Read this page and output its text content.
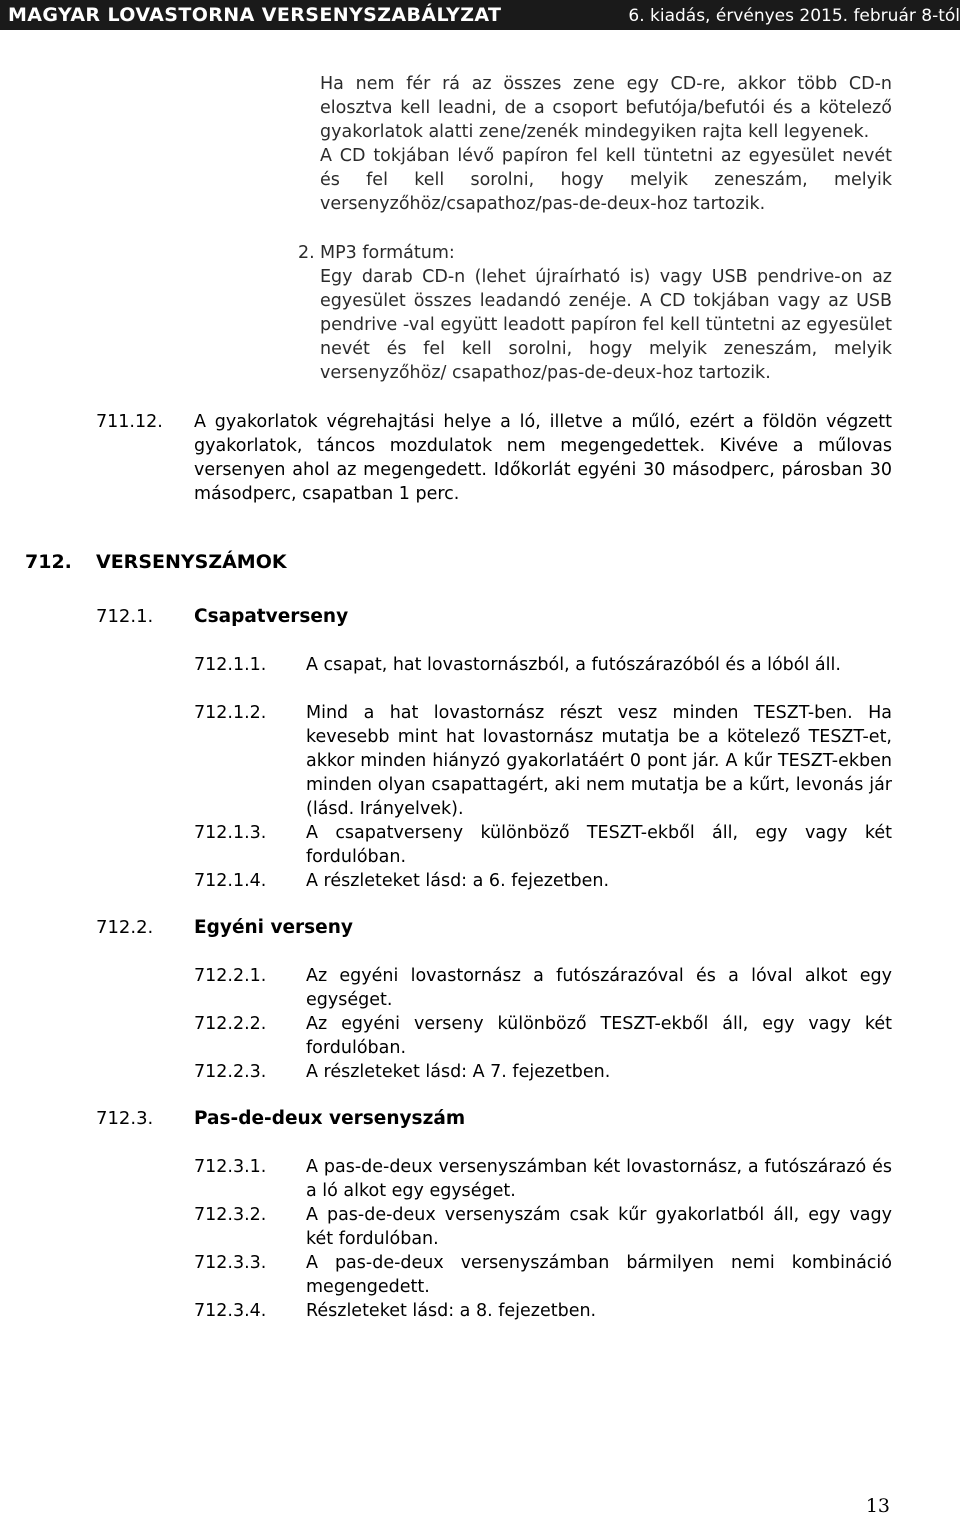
MAGYAR LOVASTORNA VERSENYSZABÁLYZAT	6. kiadás, érvényes 2015. február 8-tól

Ha nem fér rá az összes zene egy CD-re, akkor több CD-n elosztva kell leadni, de a csoport befutója/befutói és a kötelező gyakorlatok alatti zene/zenék mindegyiken rajta kell legyenek.

A CD tokjában lévő papíron fel kell tüntetni az egyesület nevét és fel kell sorolni, hogy melyik zeneszám, melyik versenyzőhöz/csapathoz/pas-de-deux-hoz tartozik.

2. MP3 formátum:
Egy darab CD-n (lehet újraírható is) vagy USB pendrive-on az egyesület összes leadandó zenéje. A CD tokjában vagy az USB pendrive -val együtt leadott papíron fel kell tüntetni az egyesület nevét és fel kell sorolni, hogy melyik zeneszám, melyik versenyzőhöz/ csapathoz/pas-de-deux-hoz tartozik.
711.12. A gyakorlatok végrehajtási helye a ló, illetve a műló, ezért a földön végzett gyakorlatok, táncos mozdulatok nem megengedettek. Kivéve a műlovas versenyen ahol az megengedett. Időkorlát egyéni 30 másodperc, párosban 30 másodperc, csapatban 1 perc.
712. VERSENYSZÁMOK
712.1. Csapatverseny
712.1.1. A csapat, hat lovastornászból, a futószárazóból és a lóból áll.
712.1.2. Mind a hat lovastornász részt vesz minden TESZT-ben. Ha kevesebb mint hat lovastornász mutatja be a kötelező TESZT-et, akkor minden hiányzó gyakorlatáért 0 pont jár. A kűr TESZT-ekben minden olyan csapattagért, aki nem mutatja be a kűrt, levonás jár (lásd. Irányelvek).
712.1.3. A csapatverseny különböző TESZT-ekből áll, egy vagy két fordulóban.
712.1.4. A részleteket lásd: a 6. fejezetben.
712.2. Egyéni verseny
712.2.1. Az egyéni lovastornász a futószárazóval és a lóval alkot egy egységet.
712.2.2. Az egyéni verseny különböző TESZT-ekből áll, egy vagy két fordulóban.
712.2.3. A részleteket lásd: A 7. fejezetben.
712.3. Pas-de-deux versenyszám
712.3.1. A pas-de-deux versenyszámban két lovastornász, a futószárazó és a ló alkot egy egységet.
712.3.2. A pas-de-deux versenyszám csak kűr gyakorlatból áll, egy vagy két fordulóban.
712.3.3. A pas-de-deux versenyszámban bármilyen nemi kombináció megengedett.
712.3.4. Részleteket lásd: a 8. fejezetben.
13
